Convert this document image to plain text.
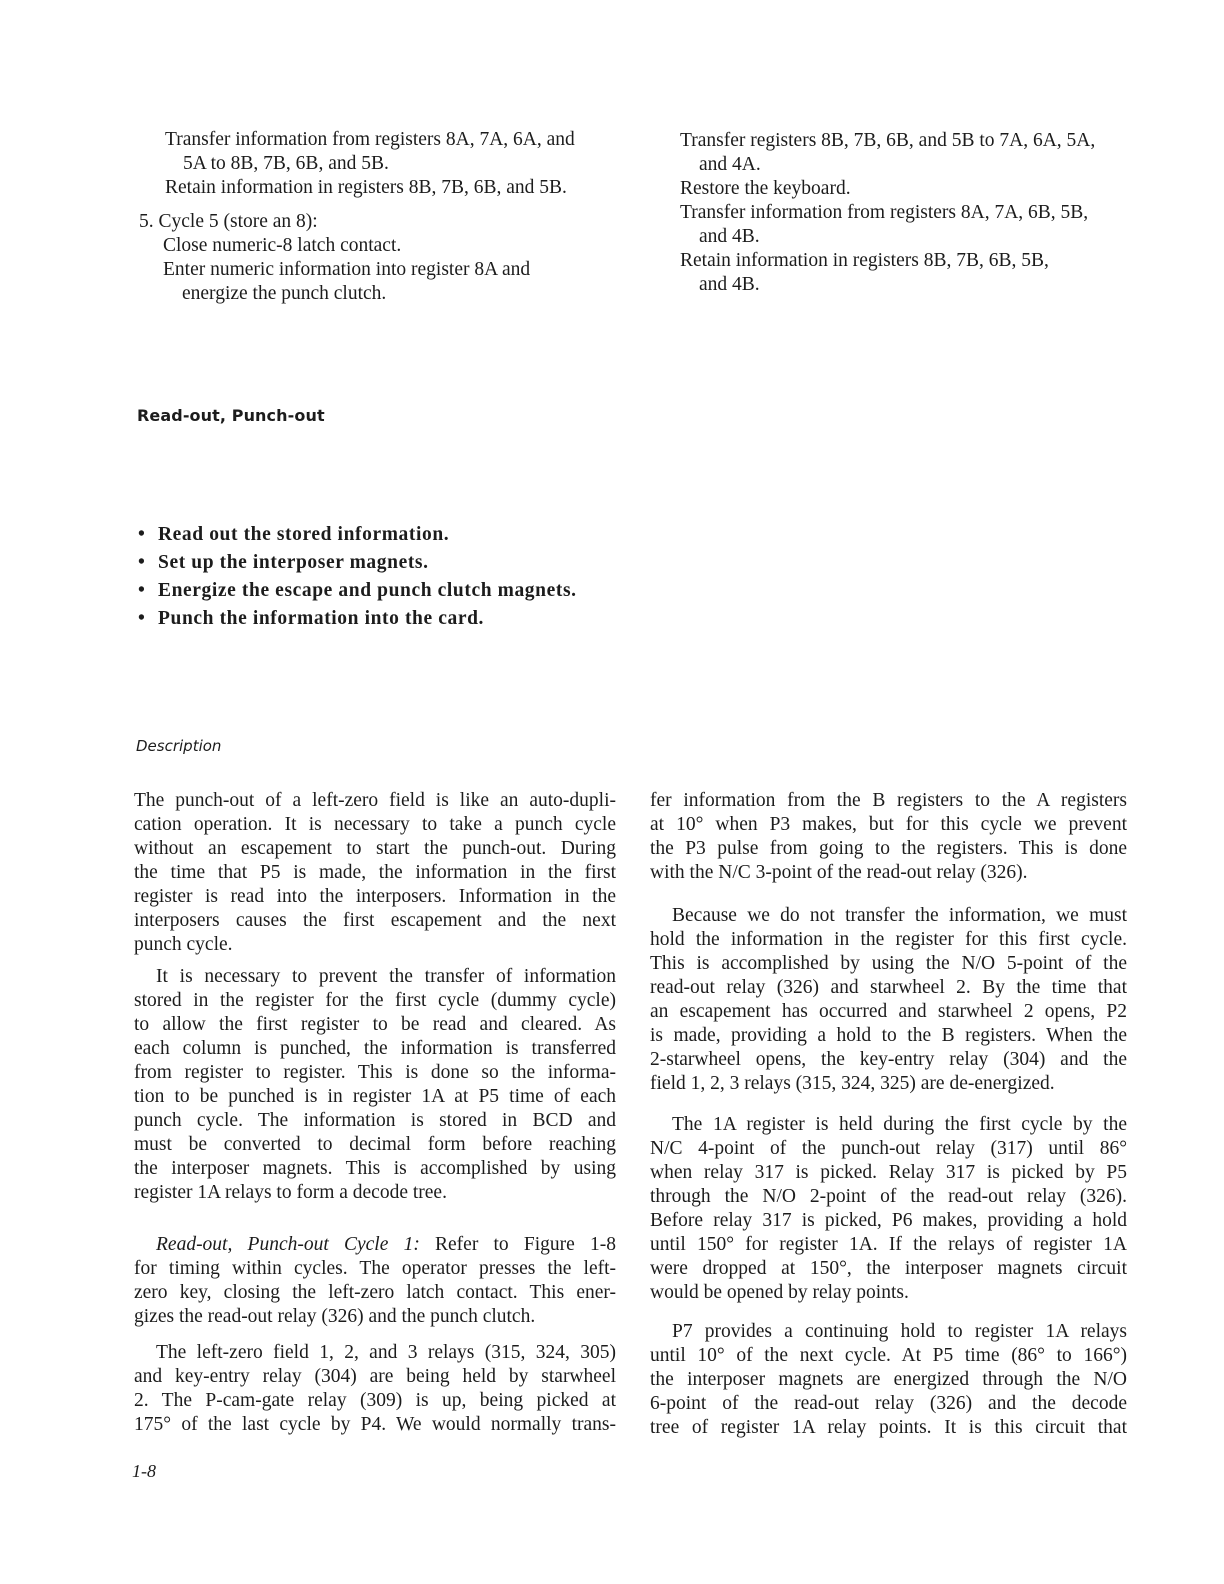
Transfer information from registers 8A, 7A, 6A, and
5A to 8B, 7B, 6B, and 5B.
Retain information in registers 8B, 7B, 6B, and 5B.
5. Cycle 5 (store an 8):
Close numeric-8 latch contact.
Enter numeric information into register 8A and
energize the punch clutch.
Transfer registers 8B, 7B, 6B, and 5B to 7A, 6A, 5A,
and 4A.
Restore the keyboard.
Transfer information from registers 8A, 7A, 6B, 5B,
and 4B.
Retain information in registers 8B, 7B, 6B, 5B,
and 4B.
Read-out, Punch-out
• Read out the stored information.
• Set up the interposer magnets.
• Energize the escape and punch clutch magnets.
• Punch the information into the card.
Description
The punch-out of a left-zero field is like an auto-dupli-
cation operation. It is necessary to take a punch cycle
without an escapement to start the punch-out. During
the time that P5 is made, the information in the first
register is read into the interposers. Information in the
interposers causes the first escapement and the next
punch cycle.
It is necessary to prevent the transfer of information
stored in the register for the first cycle (dummy cycle)
to allow the first register to be read and cleared. As
each column is punched, the information is transferred
from register to register. This is done so the informa-
tion to be punched is in register 1A at P5 time of each
punch cycle. The information is stored in BCD and
must be converted to decimal form before reaching
the interposer magnets. This is accomplished by using
register 1A relays to form a decode tree.
Read-out, Punch-out Cycle 1: Refer to Figure 1-8
for timing within cycles. The operator presses the left-
zero key, closing the left-zero latch contact. This ener-
gizes the read-out relay (326) and the punch clutch.
The left-zero field 1, 2, and 3 relays (315, 324, 305)
and key-entry relay (304) are being held by starwheel
2. The P-cam-gate relay (309) is up, being picked at
175° of the last cycle by P4. We would normally trans-
fer information from the B registers to the A registers
at 10° when P3 makes, but for this cycle we prevent
the P3 pulse from going to the registers. This is done
with the N/C 3-point of the read-out relay (326).
Because we do not transfer the information, we must
hold the information in the register for this first cycle.
This is accomplished by using the N/O 5-point of the
read-out relay (326) and starwheel 2. By the time that
an escapement has occurred and starwheel 2 opens, P2
is made, providing a hold to the B registers. When the
2-starwheel opens, the key-entry relay (304) and the
field 1, 2, 3 relays (315, 324, 325) are de-energized.
The 1A register is held during the first cycle by the
N/C 4-point of the punch-out relay (317) until 86°
when relay 317 is picked. Relay 317 is picked by P5
through the N/O 2-point of the read-out relay (326).
Before relay 317 is picked, P6 makes, providing a hold
until 150° for register 1A. If the relays of register 1A
were dropped at 150°, the interposer magnets circuit
would be opened by relay points.
P7 provides a continuing hold to register 1A relays
until 10° of the next cycle. At P5 time (86° to 166°)
the interposer magnets are energized through the N/O
6-point of the read-out relay (326) and the decode
tree of register 1A relay points. It is this circuit that
1-8
